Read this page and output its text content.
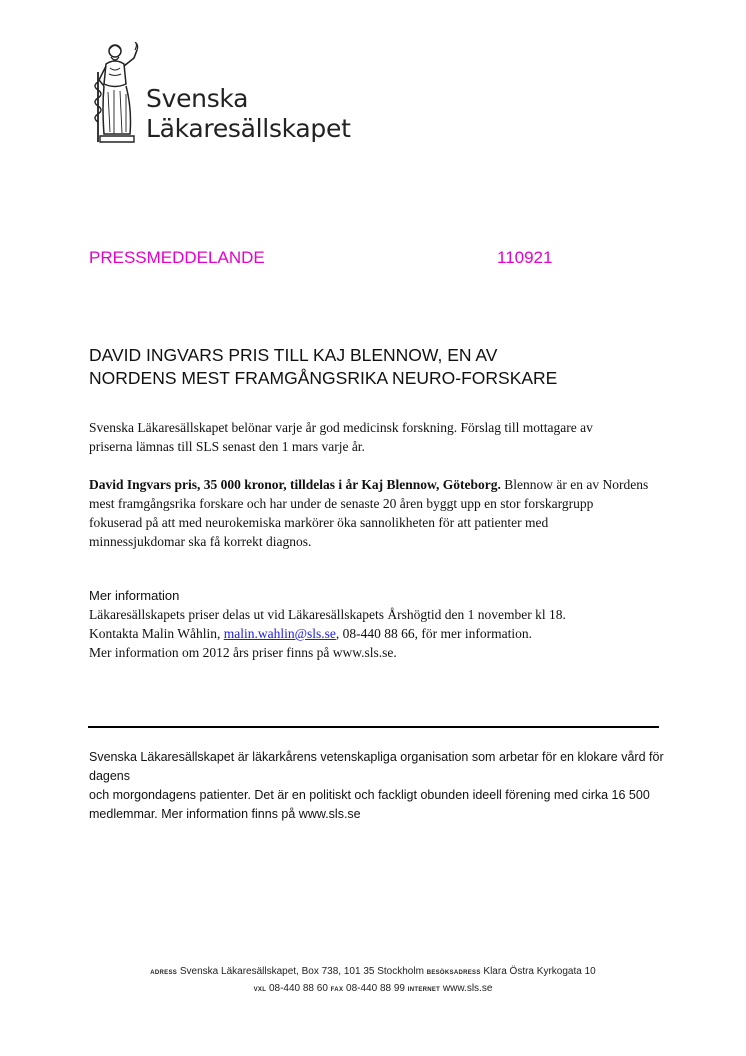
Svenska
Läkaresällskapet
PRESSMEDDELANDE	110921
DAVID INGVARS PRIS TILL KAJ BLENNOW, EN AV
NORDENS MEST FRAMGÅNGSRIKA NEURO-FORSKARE
Svenska Läkaresällskapet belönar varje år god medicinsk forskning. Förslag till mottagare av
priserna lämnas till SLS senast den 1 mars varje år.
David Ingvars pris, 35 000 kronor, tilldelas i år Kaj Blennow, Göteborg. Blennow är en av Nordens
mest framgångsrika forskare och har under de senaste 20 åren byggt upp en stor forskargrupp
fokuserad på att med neurokemiska markörer öka sannolikheten för att patienter med
minnessjukdomar ska få korrekt diagnos.
Mer information
Läkaresällskapets priser delas ut vid Läkaresällskapets Årshögtid den 1 november kl 18.
Kontakta Malin Wåhlin, malin.wahlin@sls.se, 08-440 88 66, för mer information.
Mer information om 2012 års priser finns på www.sls.se.
Svenska Läkaresällskapet är läkarkårens vetenskapliga organisation som arbetar för en klokare vård för dagens
och morgondagens patienter. Det är en politiskt och fackligt obunden ideell förening med cirka 16 500
medlemmar. Mer information finns på www.sls.se
ADRESS Svenska Läkaresällskapet, Box 738, 101 35 Stockholm BESÖKSADRESS Klara Östra Kyrkogata 10
VXL 08-440 88 60 FAX 08-440 88 99 INTERNET www.sls.se
